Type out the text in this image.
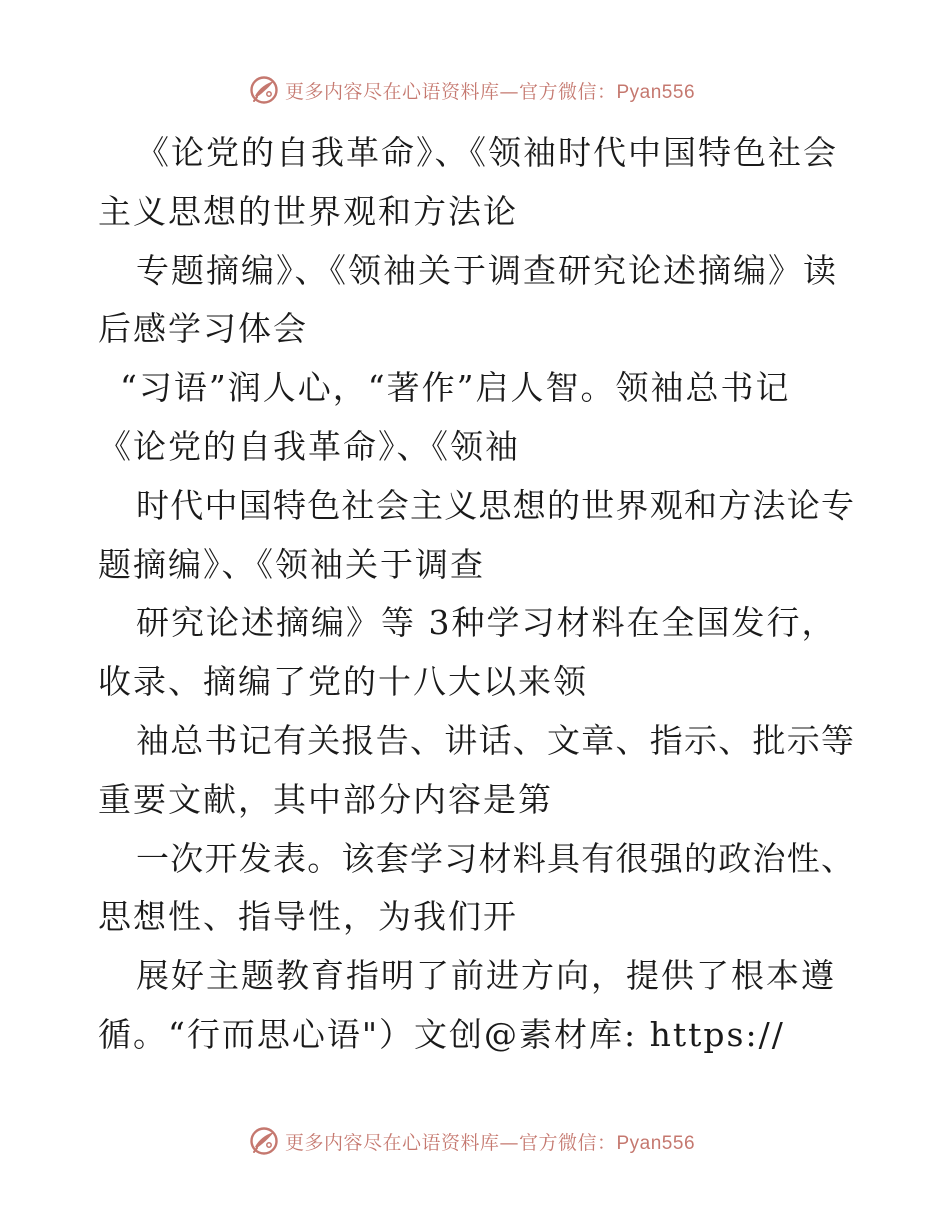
更多内容尽在心语资料库—官方微信：Pyan556
《论党的自我革命》、《领袖时代中国特色社会
主义思想的世界观和方法论
专题摘编》、《领袖关于调查研究论述摘编》读
后感学习体会
“习语”润人心，“著作”启人智。领袖总书记
《论党的自我革命》、《领袖
时代中国特色社会主义思想的世界观和方法论专
题摘编》、《领袖关于调查
研究论述摘编》等 3种学习材料在全国发行，
收录、摘编了党的十八大以来领
袖总书记有关报告、讲话、文章、指示、批示等
重要文献，其中部分内容是第
一次开发表。该套学习材料具有很强的政治性、
思想性、指导性，为我们开
展好主题教育指明了前进方向，提供了根本遵
循。“行而思心语"）文创@素材库: https://
更多内容尽在心语资料库—官方微信：Pyan556
